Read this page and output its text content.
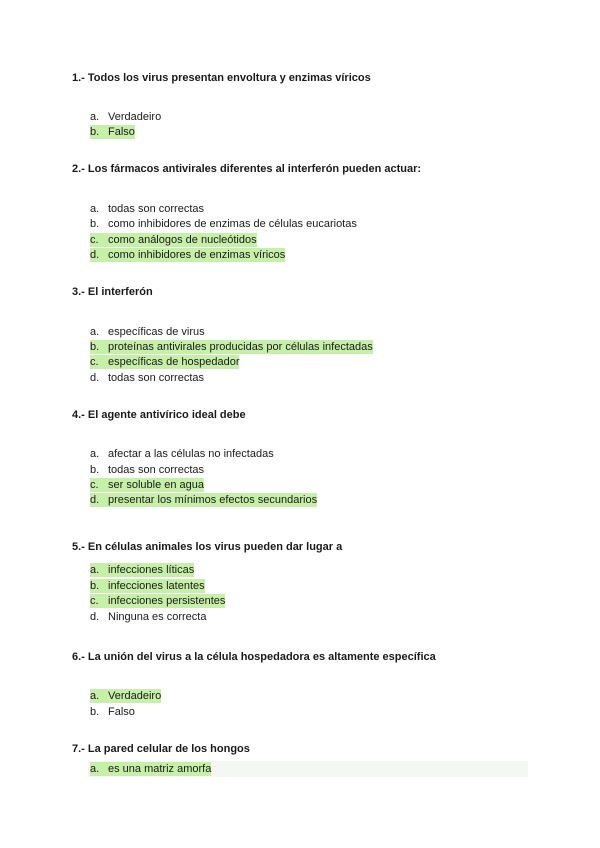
1.- Todos los virus presentan envoltura y enzimas víricos

a. Verdadeiro
b. Falso

2.- Los fármacos antivirales diferentes al interferón pueden actuar:

a. todas son correctas
b. como inhibidores de enzimas de células eucariotas
c. como análogos de nucleótidos
d. como inhibidores de enzimas víricos

3.- El interferón

a. específicas de virus
b. proteínas antivirales producidas por células infectadas
c. específicas de hospedador
d. todas son correctas

4.- El agente antivírico ideal debe

a. afectar a las células no infectadas
b. todas son correctas
c. ser soluble en agua
d. presentar los mínimos efectos secundarios

5.- En células animales los virus pueden dar lugar a

a. infecciones líticas
b. infecciones latentes
c. infecciones persistentes
d. Ninguna es correcta

6.- La unión del virus a la célula hospedadora es altamente específica

a. Verdadeiro
b. Falso

7.- La pared celular de los hongos

a. es una matriz amorfa
